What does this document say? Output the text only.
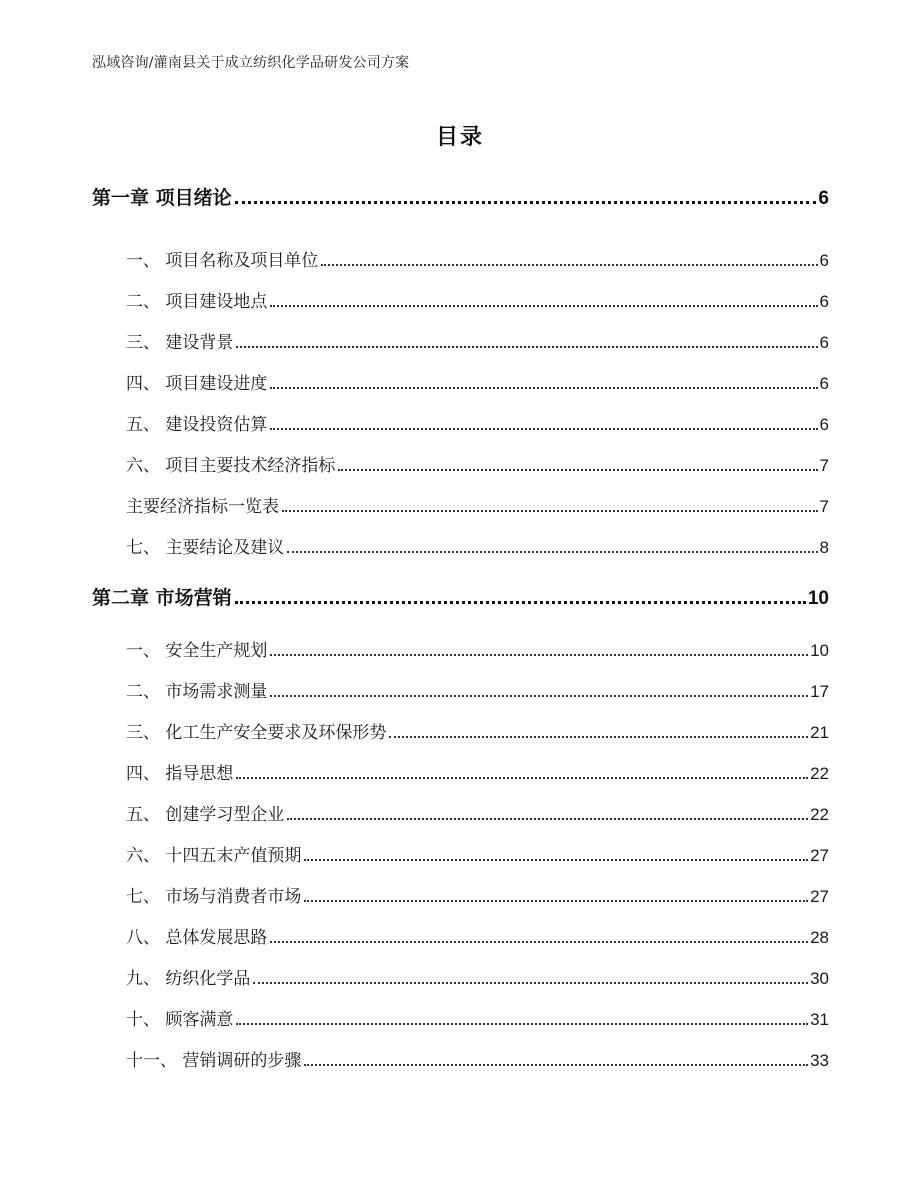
泓域咨询/灌南县关于成立纺织化学品研发公司方案
目录
第一章 项目绪论	6
一、 项目名称及项目单位	6
二、 项目建设地点	6
三、 建设背景	6
四、 项目建设进度	6
五、 建设投资估算	6
六、 项目主要技术经济指标	7
主要经济指标一览表	7
七、 主要结论及建议	8
第二章 市场营销	10
一、 安全生产规划	10
二、 市场需求测量	17
三、 化工生产安全要求及环保形势	21
四、 指导思想	22
五、 创建学习型企业	22
六、 十四五末产值预期	27
七、 市场与消费者市场	27
八、 总体发展思路	28
九、 纺织化学品	30
十、 顾客满意	31
十一、 营销调研的步骤	33
